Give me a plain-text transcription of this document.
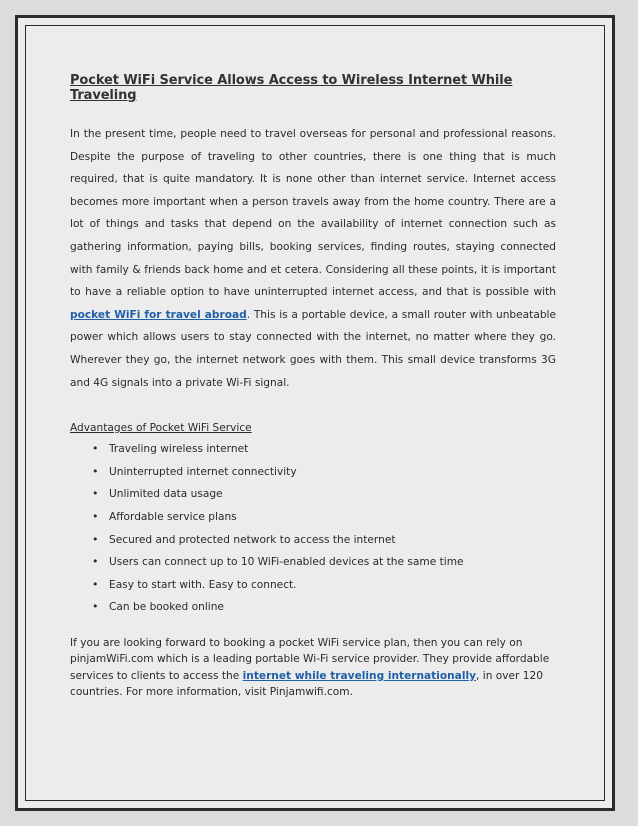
Pocket WiFi Service Allows Access to Wireless Internet While Traveling

In the present time, people need to travel overseas for personal and professional reasons. Despite the purpose of traveling to other countries, there is one thing that is much required, that is quite mandatory. It is none other than internet service. Internet access becomes more important when a person travels away from the home country. There are a lot of things and tasks that depend on the availability of internet connection such as gathering information, paying bills, booking services, finding routes, staying connected with family & friends back home and et cetera. Considering all these points, it is important to have a reliable option to have uninterrupted internet access, and that is possible with pocket WiFi for travel abroad. This is a portable device, a small router with unbeatable power which allows users to stay connected with the internet, no matter where they go. Wherever they go, the internet network goes with them. This small device transforms 3G and 4G signals into a private Wi-Fi signal.

Advantages of Pocket WiFi Service
• Traveling wireless internet
• Uninterrupted internet connectivity
• Unlimited data usage
• Affordable service plans
• Secured and protected network to access the internet
• Users can connect up to 10 WiFi-enabled devices at the same time
• Easy to start with. Easy to connect.
• Can be booked online

If you are looking forward to booking a pocket WiFi service plan, then you can rely on pinjamWiFi.com which is a leading portable Wi-Fi service provider. They provide affordable services to clients to access the internet while traveling internationally, in over 120 countries. For more information, visit Pinjamwifi.com.
